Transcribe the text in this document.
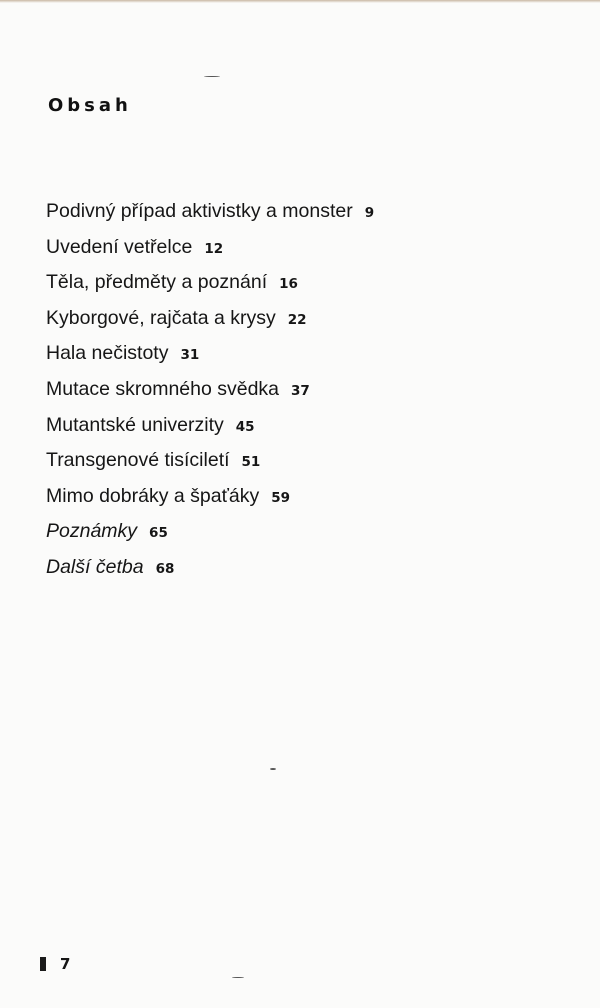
Obsah
Podivný případ aktivistky a monster 9
Uvedení vetřelce 12
Těla, předměty a poznání 16
Kyborgové, rajčata a krysy 22
Hala nečistoty 31
Mutace skromného svědka 37
Mutantské univerzity 45
Transgenové tisíciletí 51
Mimo dobráky a špaťáky 59
Poznámky 65
Další četba 68
7
